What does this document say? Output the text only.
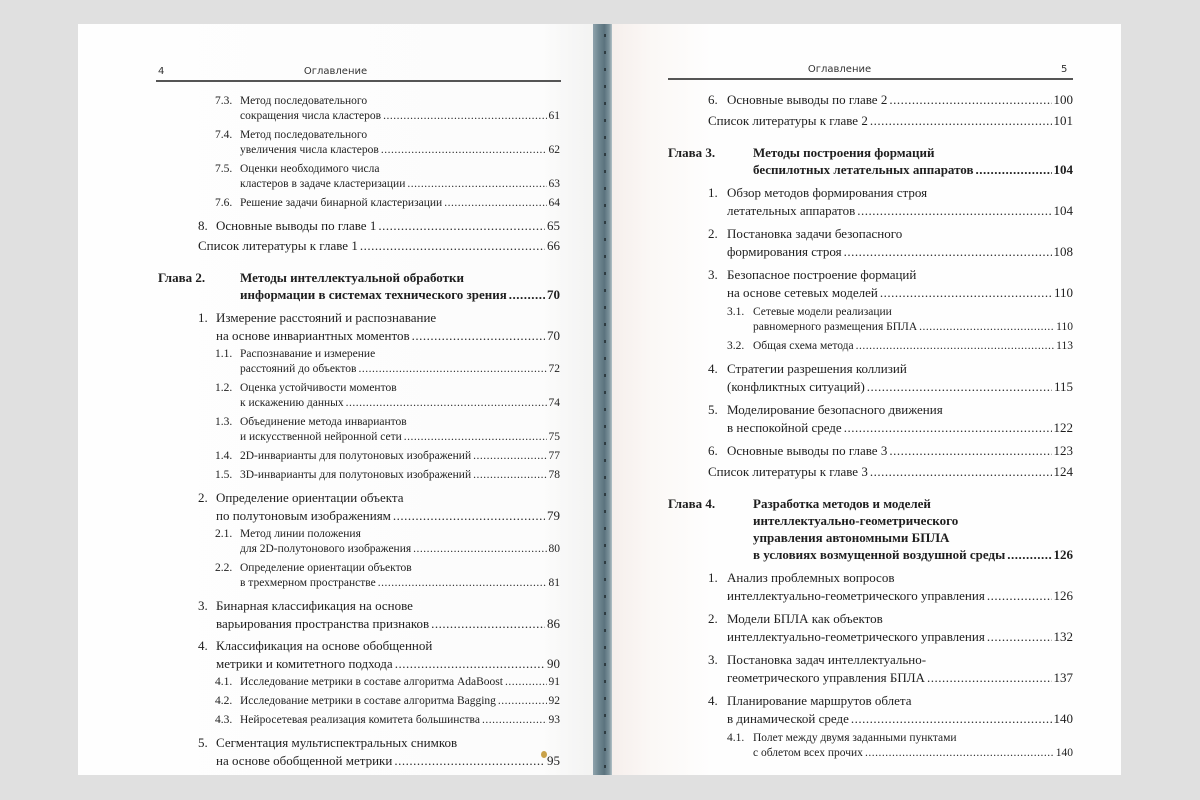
4	Оглавление
7.3. Метод последовательного
сокращения числа кластеров .....	61
7.4. Метод последовательного
увеличения числа кластеров .....	62
7.5. Оценки необходимого числа
кластеров в задаче кластеризации .....	63
7.6. Решение задачи бинарной кластеризации .....	64
8. Основные выводы по главе 1 .....	65
Список литературы к главе 1 .....	66
Глава 2.	Методы интеллектуальной обработки
информации в системах технического зрения .....	70
1. Измерение расстояний и распознавание
на основе инвариантных моментов .....	70
1.1. Распознавание и измерение
расстояний до объектов .....	72
1.2. Оценка устойчивости моментов
к искажению данных .....	74
1.3. Объединение метода инвариантов
и искусственной нейронной сети .....	75
1.4. 2D-инварианты для полутоновых изображений .....	77
1.5. 3D-инварианты для полутоновых изображений .....	78
2. Определение ориентации объекта
по полутоновым изображениям .....	79
2.1. Метод линии положения
для 2D-полутонового изображения .....	80
2.2. Определение ориентации объектов
в трехмерном пространстве .....	81
3. Бинарная классификация на основе
варьирования пространства признаков .....	86
4. Классификация на основе обобщенной
метрики и комитетного подхода .....	90
4.1. Исследование метрики в составе алгоритма AdaBoost .....	91
4.2. Исследование метрики в составе алгоритма Bagging .....	92
4.3. Нейросетевая реализация комитета большинства .....	93
5. Сегментация мультиспектральных снимков
на основе обобщенной метрики .....	95
Оглавление	5
6. Основные выводы по главе 2 .....	100
Список литературы к главе 2 .....	101
Глава 3.	Методы построения формаций
беспилотных летательных аппаратов .....	104
1. Обзор методов формирования строя
летательных аппаратов .....	104
2. Постановка задачи безопасного
формирования строя .....	108
3. Безопасное построение формаций
на основе сетевых моделей .....	110
3.1. Сетевые модели реализации
равномерного размещения БПЛА .....	110
3.2. Общая схема метода .....	113
4. Стратегии разрешения коллизий
(конфликтных ситуаций) .....	115
5. Моделирование безопасного движения
в неспокойной среде .....	122
6. Основные выводы по главе 3 .....	123
Список литературы к главе 3 .....	124
Глава 4.	Разработка методов и моделей
интеллектуально-геометрического
управления автономными БПЛА
в условиях возмущенной воздушной среды .....	126
1. Анализ проблемных вопросов
интеллектуально-геометрического управления .....	126
2. Модели БПЛА как объектов
интеллектуально-геометрического управления .....	132
3. Постановка задач интеллектуально-
геометрического управления БПЛА .....	137
4. Планирование маршрутов облета
в динамической среде .....	140
4.1. Полет между двумя заданными пунктами
с облетом всех прочих .....	140
